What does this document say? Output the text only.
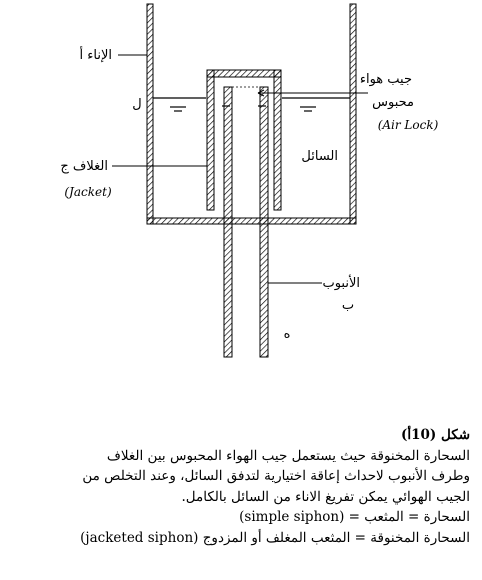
الإناء أ
جيب هواء
محبوس
(Air Lock)
ل
السائل
الغلاف ج
(Jacket)
الأنبوب
ب
ه

شكل (10أ)

السحارة المخنوقة حيث يستعمل جيب الهواء المحبوس بين الغلاف

وطرف الأنبوب لاحداث إعاقة اختيارية لتدفق السائل، وعند التخلص من

الجيب الهوائي يمكن تفريغ الاناء من السائل بالكامل.

السحارة = المثعب = (simple siphon)

السحارة المخنوقة = المثعب المغلف أو المزدوج (jacketed siphon)
